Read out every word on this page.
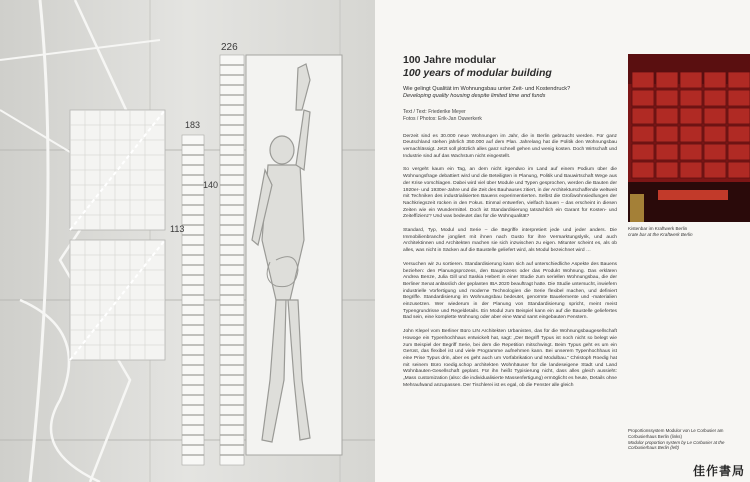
226
183
140
113

100 Jahre modular

100 years of modular building

Wie gelingt Qualität im Wohnungsbau unter Zeit- und Kostendruck?

Developing quality housing despite limited time and funds

Text / Text: Friederike Meyer

Fotos / Photos: Erik-Jan Ouwerkerk

Derzeit sind es 30.000 neue Wohnungen im Jahr, die in Berlin gebraucht werden. Für ganz Deutschland stehen jährlich 350.000 auf dem Plan. Jahrelang hat die Politik den Wohnungsbau vernachlässigt. Jetzt soll plötzlich alles ganz schnell gehen und wenig kosten. Doch Wirtschaft und Industrie sind auf das Wachstum nicht eingestellt.

So vergeht kaum ein Tag, an dem nicht irgendwo im Land auf einem Podium über die Wohnungsfrage debattiert wird und die Beteiligten in Planung, Politik und Bauwirtschaft Wege aus der Krise vorschlagen. Dabei wird viel über Module und Typen gesprochen, werden die Bauten der 1920er- und 1930er-Jahre und die Zeit des Bauhauses zitiert, in der Architekturschaffende weltweit mit Techniken des industrialisierten Bauens experimentierten. Selbst die Großwohnsiedlungen der Nachkriegszeit rücken in den Fokus. Einmal entwerfen, vielfach bauen – das erscheint in diesen Zeiten wie ein Wundermittel. Doch ist Standardisierung tatsächlich ein Garant für Kosten- und Zeiteffizienz? Und was bedeutet das für die Wohnqualität?

Standard, Typ, Modul und Serie – die Begriffe interpretiert jede und jeder anders. Die Immobilienbranche jongliert mit ihnen nach Gusto für ihre Vermarktungslyrik, und auch Architektinnen und Architekten machen sie sich inzwischen zu eigen. Mitunter scheint es, als ob alles, was nicht in Säcken auf die Baustelle geliefert wird, als Modul bezeichnet wird …

Versuchen wir zu sortieren. Standardisierung kann sich auf unterschiedliche Aspekte des Bauens beziehen: den Planungsprozess, den Bauprozess oder das Produkt Wohnung. Das erklären Andrea Benze, Julia Gill und Saskia Hebert in einer Studie zum seriellen Wohnungsbau, die der Berliner Senat anlässlich der geplanten IBA 2020 beauftragt hatte. Die Studie untersucht, inwiefern industrielle Vorfertigung und moderne Technologien die Serie flexibel machen, und definiert Begriffe. Standardisierung im Wohnungsbau bedeutet, genormte Bauelemente und -materialien einzusetzen. Wer wiederum in der Planung von Standardisierung spricht, meint meist Typengrundrisse und Regeldetails. Ein Modul zum Beispiel kann ein auf die Baustelle geliefertes Bad sein, eine komplette Wohnung oder aber eine Wand samt eingebauten Fenstern.

John Klepel vom Berliner Büro LIN Architekten Urbanisten, das für die Wohnungsbaugesellschaft Howoge ein Typenhochhaus entwickelt hat, sagt: „Der Begriff Typus ist noch nicht so belegt wie zum Beispiel der Begriff Serie, bei dem die Repetition mitschwingt. Beim Typus geht es um ein Gerüst, das flexibel ist und viele Programme aufnehmen kann. Bei unserem Typenhochhaus ist eine Prise Typus drin, aber es geht auch um Vorfabrikation und Modulbau." Christoph Roedig hat mit seinem Büro roedig.schop architekten Wohnhäuser für die landeseigene Stadt und Land Wohnbauten-Gesellschaft geplant. Für ihn heißt Typisierung nicht, dass alles gleich aussieht: „Mass customization (also: die individualisierte Massenfertigung) ermöglicht es heute, Details ohne Mehraufwand anzupassen. Der Tischlerei ist es egal, ob die Fenster alle gleich

Kistenbar im Kraftwerk Berlin
crate bar at the Kraftwerk Berlin
Proportionssystem Modulor von Le Corbusier am Corbusierhaus Berlin (links)
Modulor proportion system by Le Corbusier at the Corbusierhaus Berlin (left)
佳作書局
